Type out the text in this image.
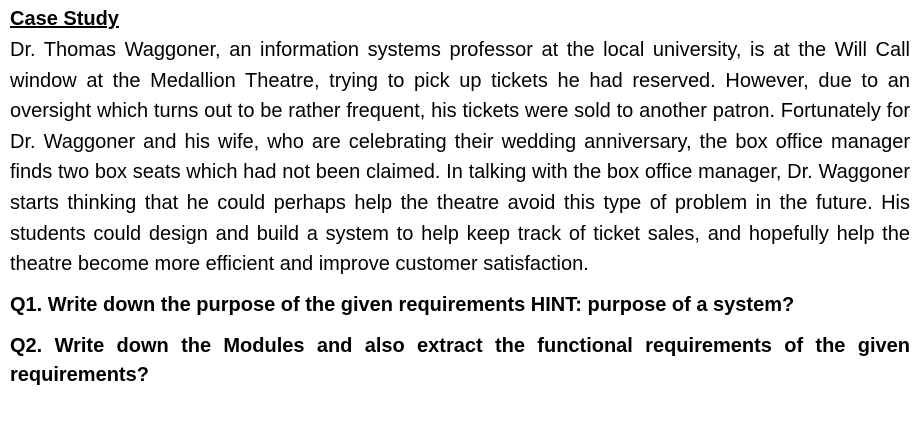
Case Study

Dr. Thomas Waggoner, an information systems professor at the local university, is at the Will Call window at the Medallion Theatre, trying to pick up tickets he had reserved. However, due to an oversight which turns out to be rather frequent, his tickets were sold to another patron. Fortunately for Dr. Waggoner and his wife, who are celebrating their wedding anniversary, the box office manager finds two box seats which had not been claimed. In talking with the box office manager, Dr. Waggoner starts thinking that he could perhaps help the theatre avoid this type of problem in the future. His students could design and build a system to help keep track of ticket sales, and hopefully help the theatre become more efficient and improve customer satisfaction.

Q1. Write down the purpose of the given requirements HINT: purpose of a system?

Q2. Write down the Modules and also extract the functional requirements of the given requirements?
